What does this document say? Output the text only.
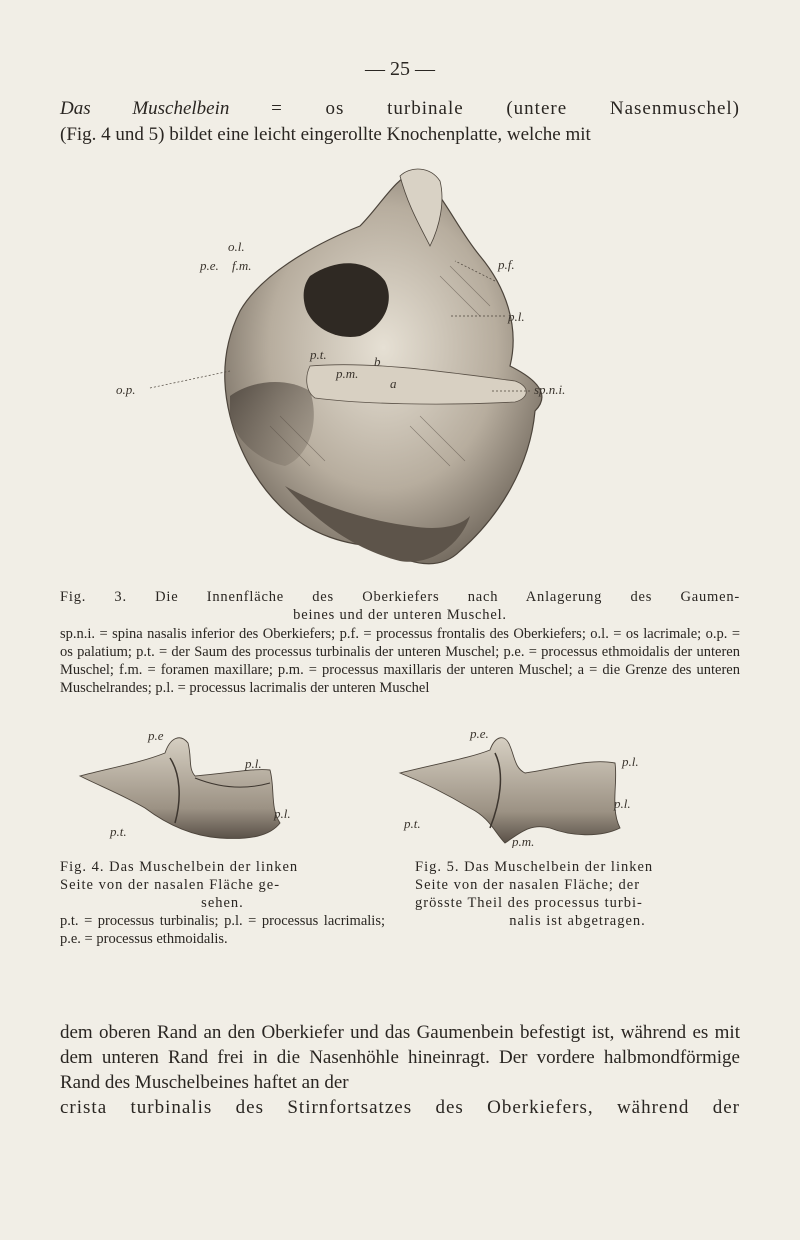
— 25 —
Das Muschelbein = os turbinale (untere Nasenmuschel)
(Fig. 4 und 5) bildet eine leicht eingerollte Knochenplatte, welche mit
o.l.
p.e. f.m.	p.f.
p.l.
p.t.	b
p.m.
a
o.p.	sp.n.i.
Fig. 3. Die Innenfläche des Oberkiefers nach Anlagerung des Gaumen-
beines und der unteren Muschel.
sp.n.i. = spina nasalis inferior des Oberkiefers; p.f. = processus frontalis des Oberkiefers; o.l. = os lacrimale; o.p. = os palatium; p.t. = der Saum des processus turbinalis der unteren Muschel; p.e. = processus ethmoidalis der unteren Muschel; f.m. = foramen maxillare; p.m. = processus maxillaris der unteren Muschel; a = die Grenze des unteren Muschelrandes; p.l. = processus lacrimalis der unteren Muschel
p.e
p.l.
p.l.
p.t.
p.e.
p.l.
p.l.
p.t.
p.m.
Fig. 4. Das Muschelbein der linken
Seite von der nasalen Fläche ge-
sehen.
p.t. = processus turbinalis; p.l. = processus lacrimalis; p.e. = processus ethmoidalis.
Fig. 5. Das Muschelbein der linken
Seite von der nasalen Fläche; der
grösste Theil des processus turbi-
nalis ist abgetragen.
dem oberen Rand an den Oberkiefer und das Gaumenbein befestigt ist, während es mit dem unteren Rand frei in die Nasenhöhle hineinragt. Der vordere halbmondförmige Rand des Muschelbeines haftet an der
crista turbinalis des Stirnfortsatzes des Oberkiefers, während der
